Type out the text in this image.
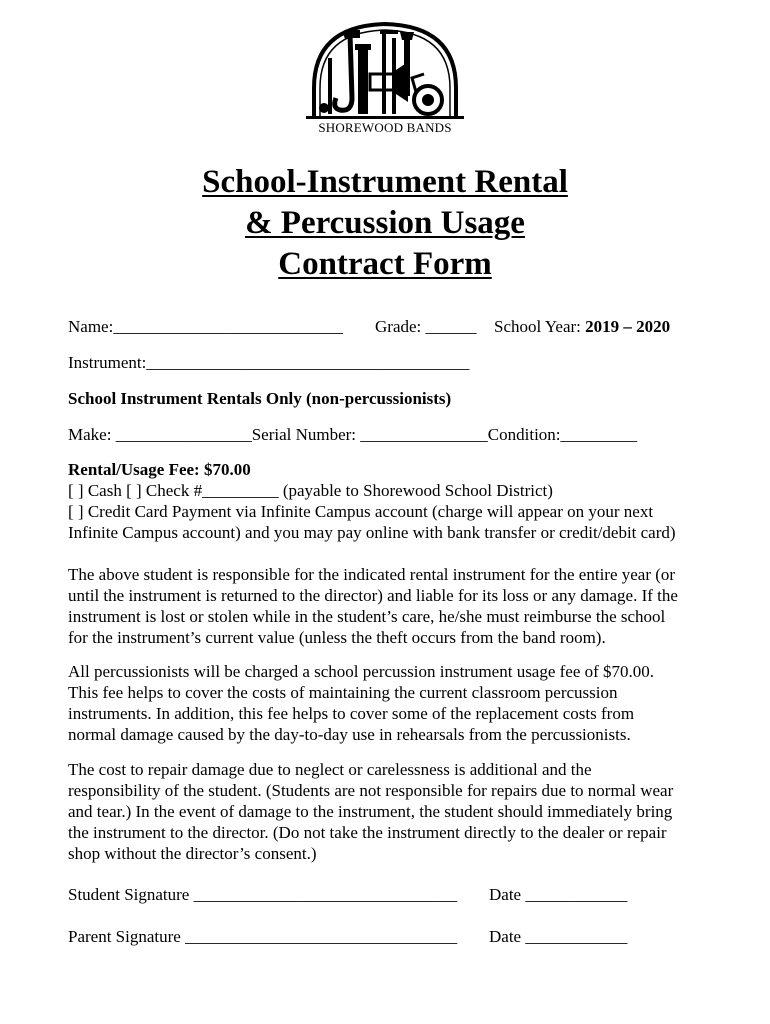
SHOREWOOD BANDS
School-Instrument Rental
& Percussion Usage
Contract Form
Name:___________________________ Grade: ______ School Year: 2019 – 2020
Instrument:______________________________________
School Instrument Rentals Only (non-percussionists)
Make: ________________Serial Number: _______________Condition:_________
Rental/Usage Fee: $70.00
[ ] Cash [ ] Check #_________ (payable to Shorewood School District)
[ ] Credit Card Payment via Infinite Campus account (charge will appear on your next
Infinite Campus account) and you may pay online with bank transfer or credit/debit card)
The above student is responsible for the indicated rental instrument for the entire year (or
until the instrument is returned to the director) and liable for its loss or any damage. If the
instrument is lost or stolen while in the student’s care, he/she must reimburse the school
for the instrument’s current value (unless the theft occurs from the band room).
All percussionists will be charged a school percussion instrument usage fee of $70.00.
This fee helps to cover the costs of maintaining the current classroom percussion
instruments. In addition, this fee helps to cover some of the replacement costs from
normal damage caused by the day-to-day use in rehearsals from the percussionists.
The cost to repair damage due to neglect or carelessness is additional and the
responsibility of the student. (Students are not responsible for repairs due to normal wear
and tear.) In the event of damage to the instrument, the student should immediately bring
the instrument to the director. (Do not take the instrument directly to the dealer or repair
shop without the director’s consent.)
Student Signature _______________________________ Date ____________
Parent Signature ________________________________ Date ____________
